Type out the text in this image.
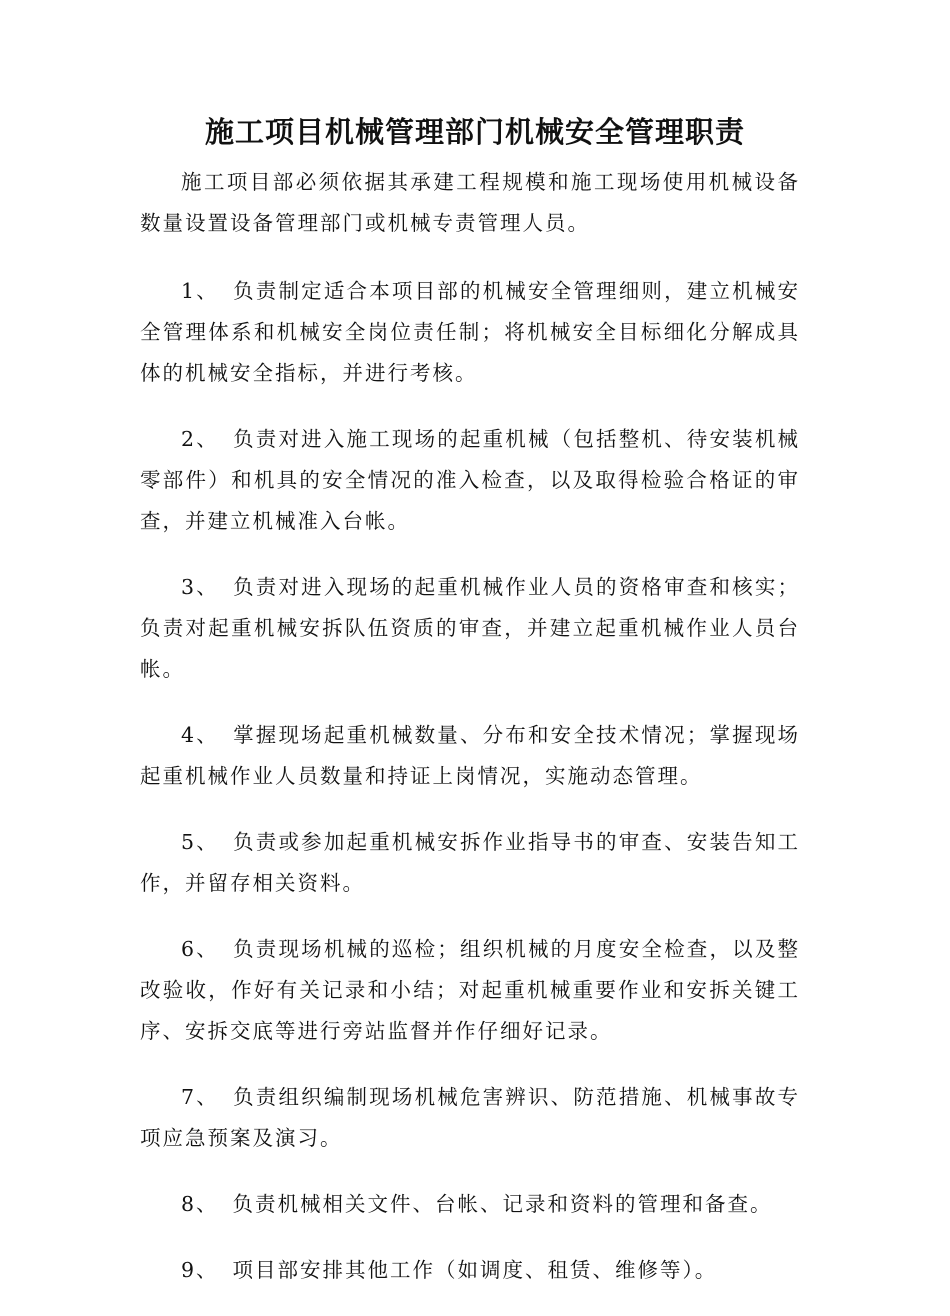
施工项目机械管理部门机械安全管理职责

施工项目部必须依据其承建工程规模和施工现场使用机械设备数量设置设备管理部门或机械专责管理人员。

1、 负责制定适合本项目部的机械安全管理细则，建立机械安全管理体系和机械安全岗位责任制；将机械安全目标细化分解成具体的机械安全指标，并进行考核。

2、 负责对进入施工现场的起重机械（包括整机、待安装机械零部件）和机具的安全情况的准入检查，以及取得检验合格证的审查，并建立机械准入台帐。

3、 负责对进入现场的起重机械作业人员的资格审查和核实；负责对起重机械安拆队伍资质的审查，并建立起重机械作业人员台帐。

4、 掌握现场起重机械数量、分布和安全技术情况；掌握现场起重机械作业人员数量和持证上岗情况，实施动态管理。

5、 负责或参加起重机械安拆作业指导书的审查、安装告知工作，并留存相关资料。

6、 负责现场机械的巡检；组织机械的月度安全检查，以及整改验收，作好有关记录和小结；对起重机械重要作业和安拆关键工序、安拆交底等进行旁站监督并作仔细好记录。

7、 负责组织编制现场机械危害辨识、防范措施、机械事故专项应急预案及演习。

8、 负责机械相关文件、台帐、记录和资料的管理和备查。

9、 项目部安排其他工作（如调度、租赁、维修等）。
